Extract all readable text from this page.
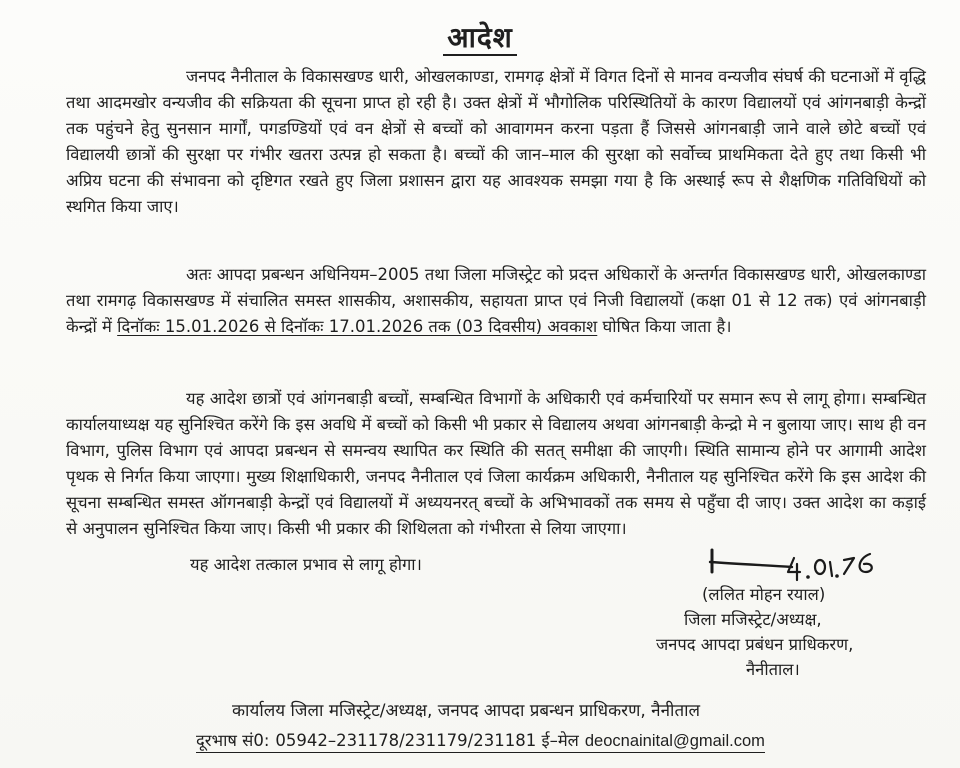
आदेश

जनपद नैनीताल के विकासखण्ड धारी, ओखलकाण्डा, रामगढ़ क्षेत्रों में विगत दिनों से मानव वन्यजीव संघर्ष की घटनाओं में वृद्धि तथा आदमखोर वन्यजीव की सक्रियता की सूचना प्राप्त हो रही है। उक्त क्षेत्रों में भौगोलिक परिस्थितियों के कारण विद्यालयों एवं आंगनबाड़ी केन्द्रों तक पहुंचने हेतु सुनसान मार्गों, पगडण्डियों एवं वन क्षेत्रों से बच्चों को आवागमन करना पड़ता हैं जिससे आंगनबाड़ी जाने वाले छोटे बच्चों एवं विद्यालयी छात्रों की सुरक्षा पर गंभीर खतरा उत्पन्न हो सकता है। बच्चों की जान–माल की सुरक्षा को सर्वोच्च प्राथमिकता देते हुए तथा किसी भी अप्रिय घटना की संभावना को दृष्टिगत रखते हुए जिला प्रशासन द्वारा यह आवश्यक समझा गया है कि अस्थाई रूप से शैक्षणिक गतिविधियों को स्थगित किया जाए।

अतः आपदा प्रबन्धन अधिनियम–2005 तथा जिला मजिस्ट्रेट को प्रदत्त अधिकारों के अन्तर्गत विकासखण्ड धारी, ओखलकाण्डा तथा रामगढ़ विकासखण्ड में संचालित समस्त शासकीय, अशासकीय, सहायता प्राप्त एवं निजी विद्यालयों (कक्षा 01 से 12 तक) एवं आंगनबाड़ी केन्द्रों में दिनॉकः 15.01.2026 से दिनॉकः 17.01.2026 तक (03 दिवसीय) अवकाश घोषित किया जाता है।

यह आदेश छात्रों एवं आंगनबाड़ी बच्चों, सम्बन्धित विभागों के अधिकारी एवं कर्मचारियों पर समान रूप से लागू होगा। सम्बन्धित कार्यालयाध्यक्ष यह सुनिश्चित करेंगे कि इस अवधि में बच्चों को किसी भी प्रकार से विद्यालय अथवा आंगनबाड़ी केन्द्रो मे न बुलाया जाए। साथ ही वन विभाग, पुलिस विभाग एवं आपदा प्रबन्धन से समन्वय स्थापित कर स्थिति की सतत् समीक्षा की जाएगी। स्थिति सामान्य होने पर आगामी आदेश पृथक से निर्गत किया जाएगा। मुख्य शिक्षाधिकारी, जनपद नैनीताल एवं जिला कार्यक्रम अधिकारी, नैनीताल यह सुनिश्चित करेंगे कि इस आदेश की सूचना सम्बन्धित समस्त ऑगनबाड़ी केन्द्रों एवं विद्यालयों में अध्ययनरत् बच्चों के अभिभावकों तक समय से पहुँचा दी जाए। उक्त आदेश का कड़ाई से अनुपालन सुनिश्चित किया जाए। किसी भी प्रकार की शिथिलता को गंभीरता से लिया जाएगा।

यह आदेश तत्काल प्रभाव से लागू होगा।
(ललित मोहन रयाल)
जिला मजिस्ट्रेट/अध्यक्ष,
जनपद आपदा प्रबंधन प्राधिकरण,
नैनीताल।
कार्यालय जिला मजिस्ट्रेट/अध्यक्ष, जनपद आपदा प्रबन्धन प्राधिकरण, नैनीताल
दूरभाष सं0: 05942–231178/231179/231181 ई–मेल deocnainital@gmail.com
